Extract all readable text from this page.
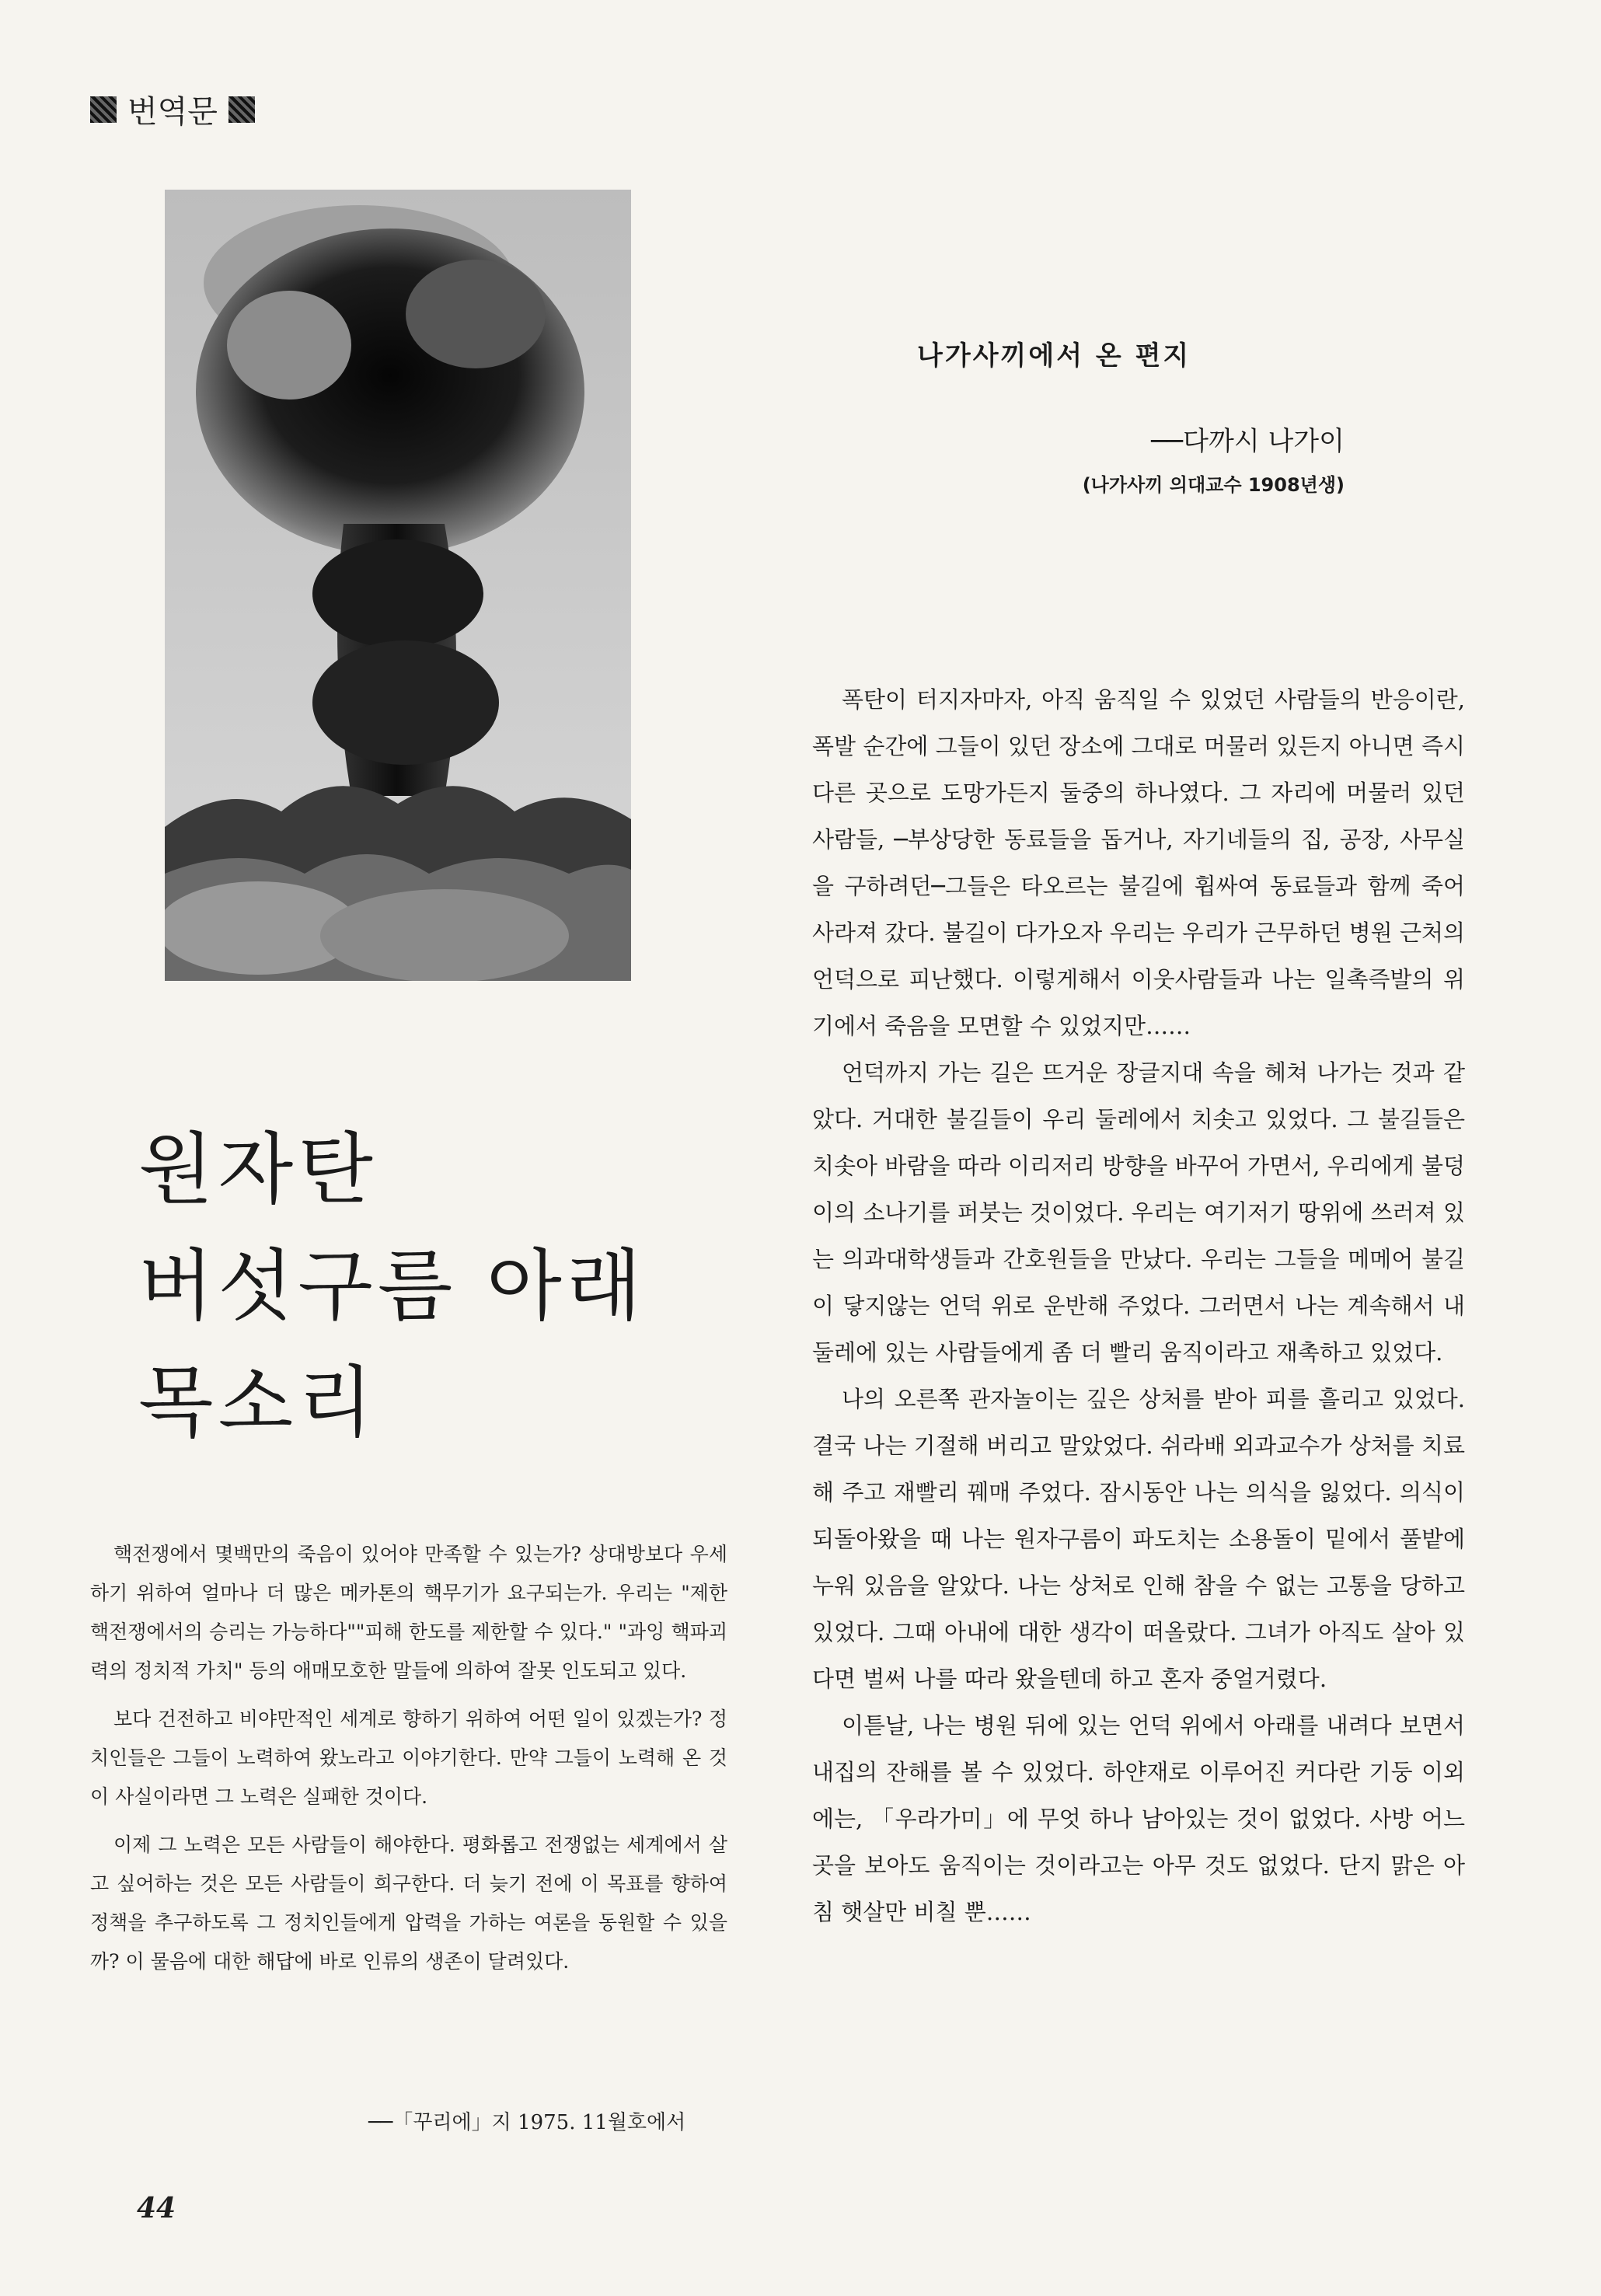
번역문
원자탄
버섯구름 아래
목소리

핵전쟁에서 몇백만의 죽음이 있어야 만족할 수 있는가? 상대방보다 우세하기 위하여 얼마나 더 많은 메카톤의 핵무기가 요구되는가. 우리는 "제한 핵전쟁에서의 승리는 가능하다""피해 한도를 제한할 수 있다." "과잉 핵파괴력의 정치적 가치" 등의 애매모호한 말들에 의하여 잘못 인도되고 있다.

보다 건전하고 비야만적인 세계로 향하기 위하여 어떤 일이 있겠는가? 정치인들은 그들이 노력하여 왔노라고 이야기한다. 만약 그들이 노력해 온 것이 사실이라면 그 노력은 실패한 것이다.

이제 그 노력은 모든 사람들이 해야한다. 평화롭고 전쟁없는 세계에서 살고 싶어하는 것은 모든 사람들이 희구한다. 더 늦기 전에 이 목표를 향하여 정책을 추구하도록 그 정치인들에게 압력을 가하는 여론을 동원할 수 있을까? 이 물음에 대한 해답에 바로 인류의 생존이 달려있다.

──「꾸리에」지 1975. 11월호에서
44
나가사끼에서 온 편지
──다까시 나가이
(나가사끼 의대교수 1908년생)

폭탄이 터지자마자, 아직 움직일 수 있었던 사람들의 반응이란, 폭발 순간에 그들이 있던 장소에 그대로 머물러 있든지 아니면 즉시 다른 곳으로 도망가든지 둘중의 하나였다. 그 자리에 머물러 있던 사람들, ─부상당한 동료들을 돕거나, 자기네들의 집, 공장, 사무실을 구하려던─그들은 타오르는 불길에 휩싸여 동료들과 함께 죽어 사라져 갔다. 불길이 다가오자 우리는 우리가 근무하던 병원 근처의 언덕으로 피난했다. 이렇게해서 이웃사람들과 나는 일촉즉발의 위기에서 죽음을 모면할 수 있었지만……

언덕까지 가는 길은 뜨거운 장글지대 속을 헤쳐 나가는 것과 같았다. 거대한 불길들이 우리 둘레에서 치솟고 있었다. 그 불길들은 치솟아 바람을 따라 이리저리 방향을 바꾸어 가면서, 우리에게 불덩이의 소나기를 퍼붓는 것이었다. 우리는 여기저기 땅위에 쓰러져 있는 의과대학생들과 간호원들을 만났다. 우리는 그들을 메메어 불길이 닿지않는 언덕 위로 운반해 주었다. 그러면서 나는 계속해서 내 둘레에 있는 사람들에게 좀 더 빨리 움직이라고 재촉하고 있었다.

나의 오른쪽 관자놀이는 깊은 상처를 받아 피를 흘리고 있었다. 결국 나는 기절해 버리고 말았었다. 쉬라배 외과교수가 상처를 치료해 주고 재빨리 꿰매 주었다. 잠시동안 나는 의식을 잃었다. 의식이 되돌아왔을 때 나는 원자구름이 파도치는 소용돌이 밑에서 풀밭에 누워 있음을 알았다. 나는 상처로 인해 참을 수 없는 고통을 당하고 있었다. 그때 아내에 대한 생각이 떠올랐다. 그녀가 아직도 살아 있다면 벌써 나를 따라 왔을텐데 하고 혼자 중얼거렸다.

이튿날, 나는 병원 뒤에 있는 언덕 위에서 아래를 내려다 보면서 내집의 잔해를 볼 수 있었다. 하얀재로 이루어진 커다란 기둥 이외에는, 「우라가미」에 무엇 하나 남아있는 것이 없었다. 사방 어느 곳을 보아도 움직이는 것이라고는 아무 것도 없었다. 단지 맑은 아침 햇살만 비칠 뿐……
